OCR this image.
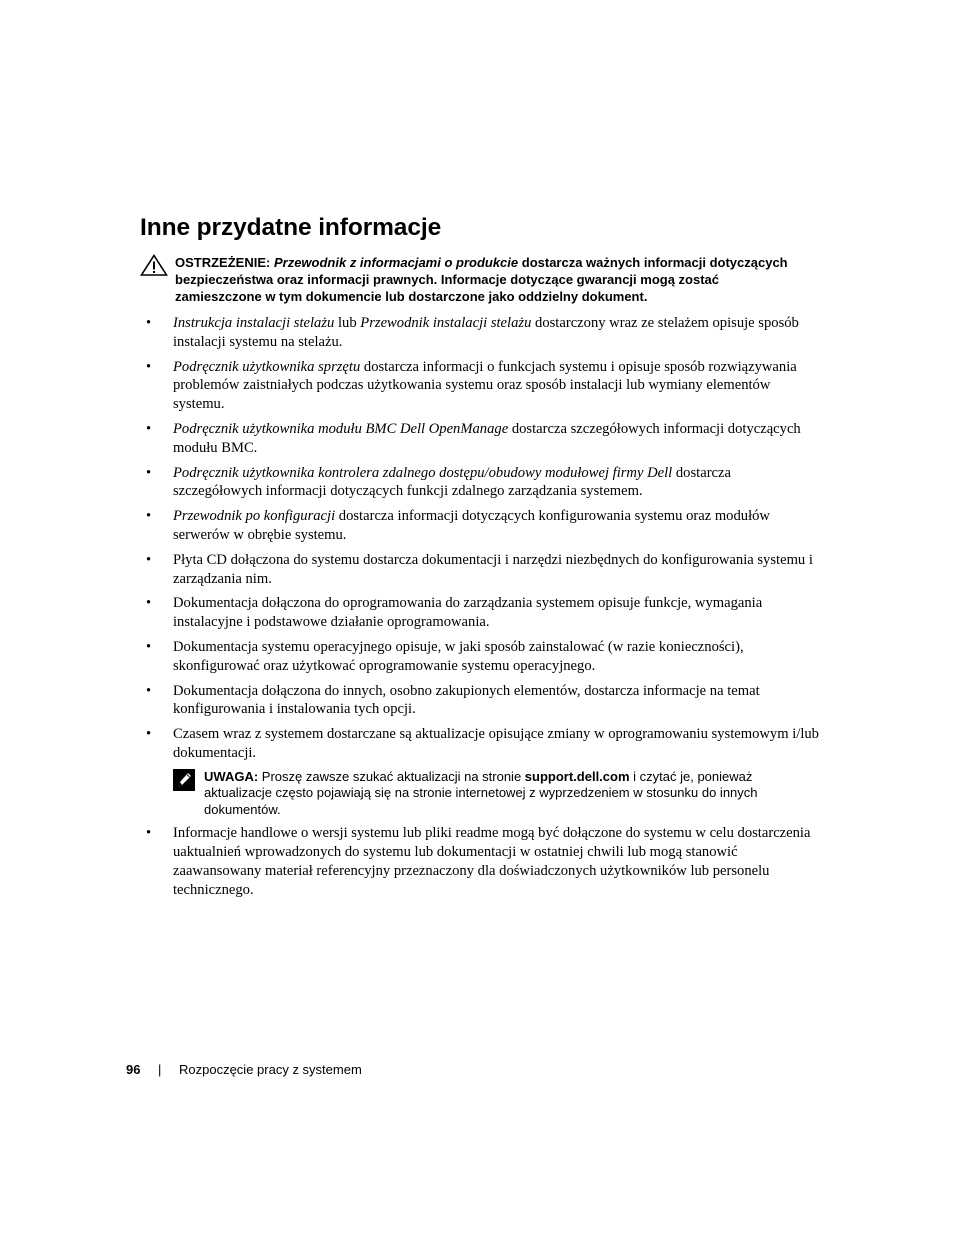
Inne przydatne informacje
OSTRZEŻENIE: Przewodnik z informacjami o produkcie dostarcza ważnych informacji dotyczących bezpieczeństwa oraz informacji prawnych. Informacje dotyczące gwarancji mogą zostać zamieszczone w tym dokumencie lub dostarczone jako oddzielny dokument.
• Instrukcja instalacji stelażu lub Przewodnik instalacji stelażu dostarczony wraz ze stelażem opisuje sposób instalacji systemu na stelażu.
• Podręcznik użytkownika sprzętu dostarcza informacji o funkcjach systemu i opisuje sposób rozwiązywania problemów zaistniałych podczas użytkowania systemu oraz sposób instalacji lub wymiany elementów systemu.
• Podręcznik użytkownika modułu BMC Dell OpenManage dostarcza szczegółowych informacji dotyczących modułu BMC.
• Podręcznik użytkownika kontrolera zdalnego dostępu/obudowy modułowej firmy Dell dostarcza szczegółowych informacji dotyczących funkcji zdalnego zarządzania systemem.
• Przewodnik po konfiguracji dostarcza informacji dotyczących konfigurowania systemu oraz modułów serwerów w obrębie systemu.
• Płyta CD dołączona do systemu dostarcza dokumentacji i narzędzi niezbędnych do konfigurowania systemu i zarządzania nim.
• Dokumentacja dołączona do oprogramowania do zarządzania systemem opisuje funkcje, wymagania instalacyjne i podstawowe działanie oprogramowania.
• Dokumentacja systemu operacyjnego opisuje, w jaki sposób zainstalować (w razie konieczności), skonfigurować oraz użytkować oprogramowanie systemu operacyjnego.
• Dokumentacja dołączona do innych, osobno zakupionych elementów, dostarcza informacje na temat konfigurowania i instalowania tych opcji.
• Czasem wraz z systemem dostarczane są aktualizacje opisujące zmiany w oprogramowaniu systemowym i/lub dokumentacji.
UWAGA: Proszę zawsze szukać aktualizacji na stronie support.dell.com i czytać je, ponieważ aktualizacje często pojawiają się na stronie internetowej z wyprzedzeniem w stosunku do innych dokumentów.
• Informacje handlowe o wersji systemu lub pliki readme mogą być dołączone do systemu w celu dostarczenia uaktualnień wprowadzonych do systemu lub dokumentacji w ostatniej chwili lub mogą stanowić zaawansowany materiał referencyjny przeznaczony dla doświadczonych użytkowników lub personelu technicznego.
96 | Rozpoczęcie pracy z systemem
